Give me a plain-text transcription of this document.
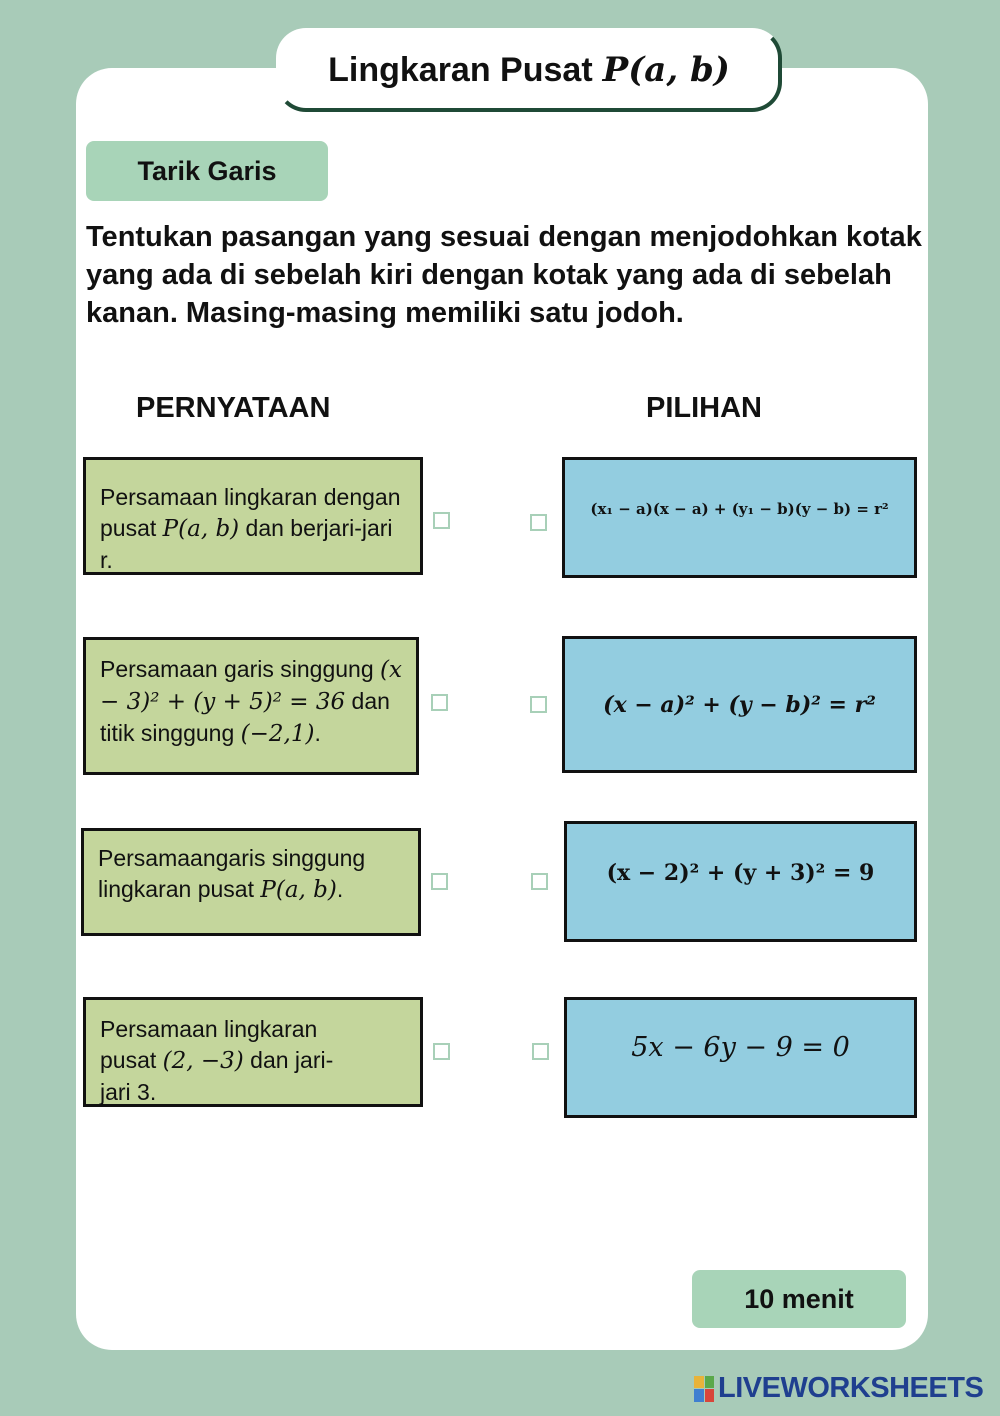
Lingkaran Pusat P(a, b)
Tarik Garis
Tentukan pasangan yang sesuai dengan menjodohkan kotak yang ada di sebelah kiri dengan kotak yang ada di sebelah kanan. Masing-masing memiliki satu jodoh.
PERNYATAAN	PILIHAN
Persamaan lingkaran dengan pusat P(a, b) dan berjari-jari r.
Persamaan garis singgung (x − 3)² + (y + 5)² = 36 dan titik singgung (−2,1).
Persamaangaris singgung lingkaran pusat P(a, b).
Persamaan lingkaran pusat (2, −3) dan jari-jari 3.
(x₁ − a)(x − a) + (y₁ − b)(y − b) = r²
(x − a)² + (y − b)² = r²
(x − 2)² + (y + 3)² = 9
5x − 6y − 9 = 0
10 menit
LIVEWORKSHEETS
